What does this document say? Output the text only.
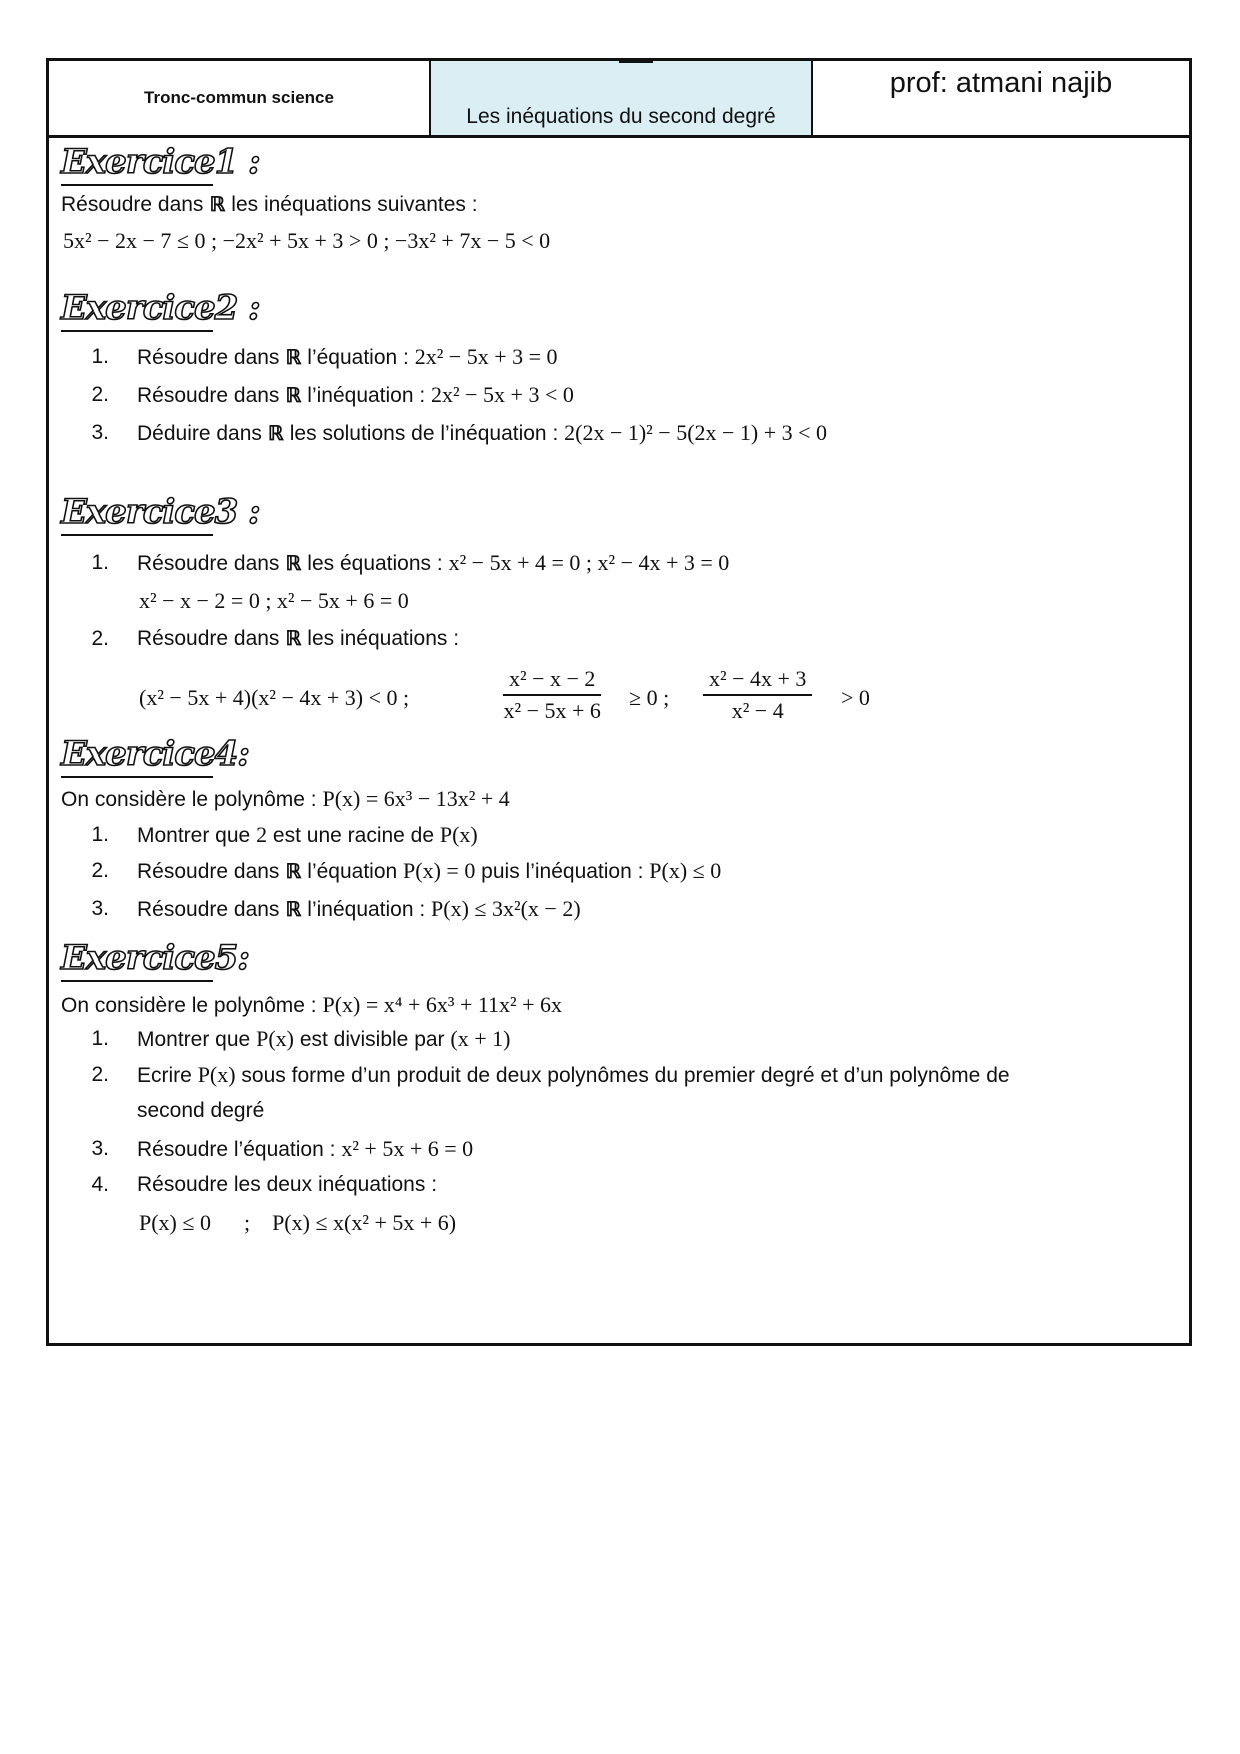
Tronc-commun science
Les inéquations du second degré
prof: atmani najib
Exercice1 :
Résoudre dans ℝ les inéquations suivantes :
5x² − 2x − 7 ≤ 0 ; −2x² + 5x + 3 > 0 ; −3x² + 7x − 5 < 0
Exercice2 :
1. Résoudre dans ℝ l’équation : 2x² − 5x + 3 = 0
2. Résoudre dans ℝ l’inéquation : 2x² − 5x + 3 < 0
3. Déduire dans ℝ les solutions de l’inéquation : 2(2x − 1)² − 5(2x − 1) + 3 < 0
Exercice3 :
1. Résoudre dans ℝ les équations : x² − 5x + 4 = 0 ; x² − 4x + 3 = 0
x² − x − 2 = 0 ; x² − 5x + 6 = 0
2. Résoudre dans ℝ les inéquations :
(x² − 5x + 4)(x² − 4x + 3) < 0 ;	$\frac{\text{x² − x − 2}}{\text{x² − 5x + 6}} \ge 0$ ; $\frac{\text{x² − 4x + 3}}{\text{x² − 4}} > 0$
Exercice4:
On considère le polynôme : P(x) = 6x³ − 13x² + 4
1. Montrer que 2 est une racine de P(x)
2. Résoudre dans ℝ l’équation P(x) = 0 puis l’inéquation : P(x) ≤ 0
3. Résoudre dans ℝ l’inéquation : P(x) ≤ 3x²(x − 2)
Exercice5:
On considère le polynôme : P(x) = x⁴ + 6x³ + 11x² + 6x
1. Montrer que P(x) est divisible par (x + 1)
2. Ecrire P(x) sous forme d’un produit de deux polynômes du premier degré et d’un polynôme de
second degré
3. Résoudre l’équation : x² + 5x + 6 = 0
4. Résoudre les deux inéquations :
P(x) ≤ 0      ;    P(x) ≤ x(x² + 5x + 6)
